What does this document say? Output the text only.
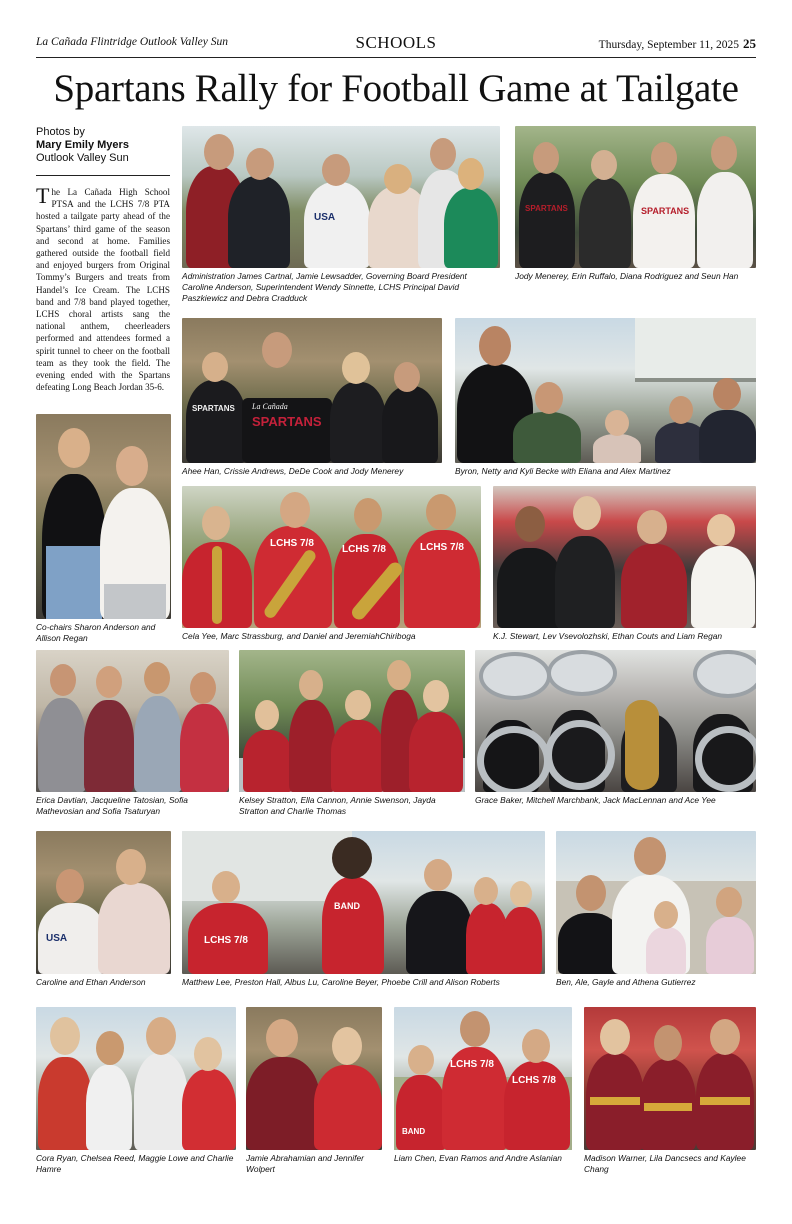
La Cañada Flintridge Outlook Valley Sun	SCHOOLS	Thursday, September 11, 2025 25
Spartans Rally for Football Game at Tailgate
Photos by
Mary Emily Myers
Outlook Valley Sun
The La Cañada High School PTSA and the LCHS 7/8 PTA hosted a tailgate party ahead of the Spartans’ third game of the season and second at home. Families gathered outside the football field and enjoyed burgers from Original Tommy’s Burgers and treats from Handel’s Ice Cream. The LCHS band and 7/8 band played together, LCHS choral artists sang the national anthem, cheerleaders performed and attendees formed a spirit tunnel to cheer on the football team as they took the field. The evening ended with the Spartans defeating Long Beach Jordan 35-6.
USA
Administration James Cartnal, Jamie Lewsadder, Governing Board President Caroline Anderson, Superintendent Wendy Sinnette, LCHS Principal David Paszkiewicz and Debra Cradduck
SPARTANS	SPARTANS
Jody Menerey, Erin Ruffalo, Diana Rodriguez and Seun Han
SPARTANS La Cañada
SPARTANS
Ahee Han, Crissie Andrews, DeDe Cook and Jody Menerey	Byron, Netty and Kyli Becke with Eliana and Alex Martinez
Co-chairs Sharon Anderson and Allison Regan
LCHS 7/8
LCHS 7/8	LCHS 7/8
Cela Yee, Marc Strassburg, and Daniel and JeremiahChiriboga	K.J. Stewart, Lev Vsevolozhski, Ethan Couts and Liam Regan
Erica Davtian, Jacqueline Tatosian, Sofia Mathevosian and Sofia Tsaturyan
Kelsey Stratton, Ella Cannon, Annie Swenson, Jayda Stratton and Charlie Thomas
Grace Baker, Mitchell Marchbank, Jack MacLennan and Ace Yee
USA
Caroline and Ethan Anderson
LCHS 7/8
BAND
Matthew Lee, Preston Hall, Albus Lu, Caroline Beyer, Phoebe Crill and Alison Roberts	Ben, Ale, Gayle and Athena Gutierrez
Cora Ryan, Chelsea Reed, Maggie Lowe and Charlie Hamre
Jamie Abrahamian and Jennifer Wolpert
BAND
LCHS 7/8
LCHS 7/8
Liam Chen, Evan Ramos and Andre Aslanian	Madison Warner, Lila Dancsecs and Kaylee Chang
